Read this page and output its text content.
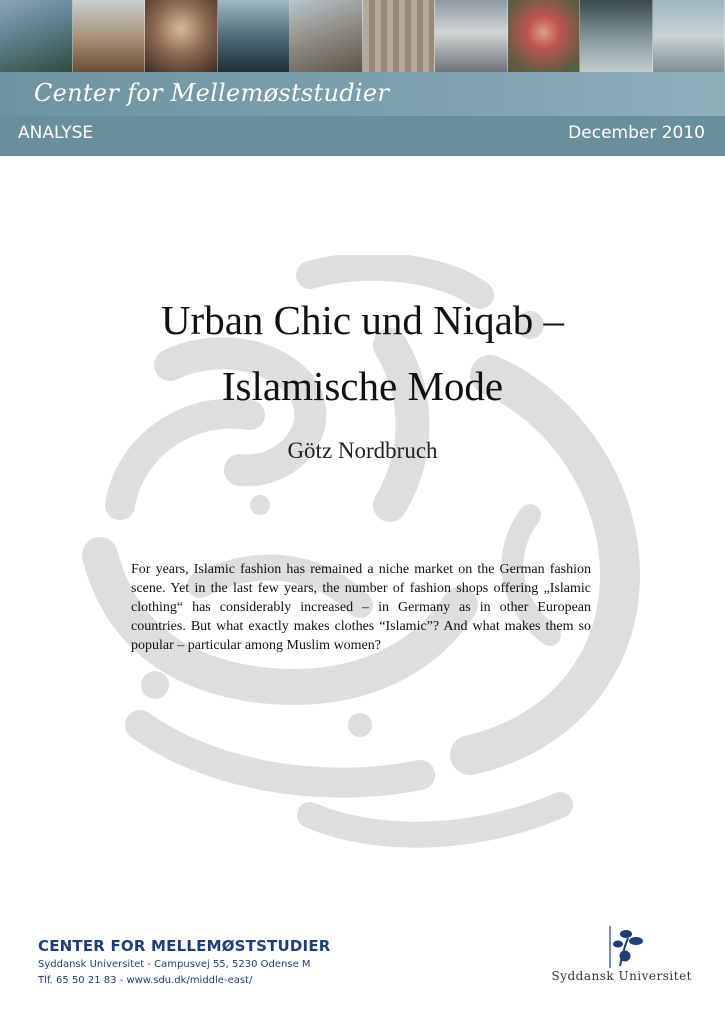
Center for Mellemøststudier
ANALYSE	December 2010
Urban Chic und Niqab –
Islamische Mode
Götz Nordbruch

For years, Islamic fashion has remained a niche market on the German fashion scene. Yet in the last few years, the number of fashion shops offering „Islamic clothing“ has considerably increased – in Germany as in other European countries. But what exactly makes clothes “Islamic”? And what makes them so popular – particular among Muslim women?

CENTER FOR MELLEMØSTSTUDIER
Syddansk Universitet - Campusvej 55, 5230 Odense M
Tlf. 65 50 21 83 - www.sdu.dk/middle-east/	Syddansk Universitet
